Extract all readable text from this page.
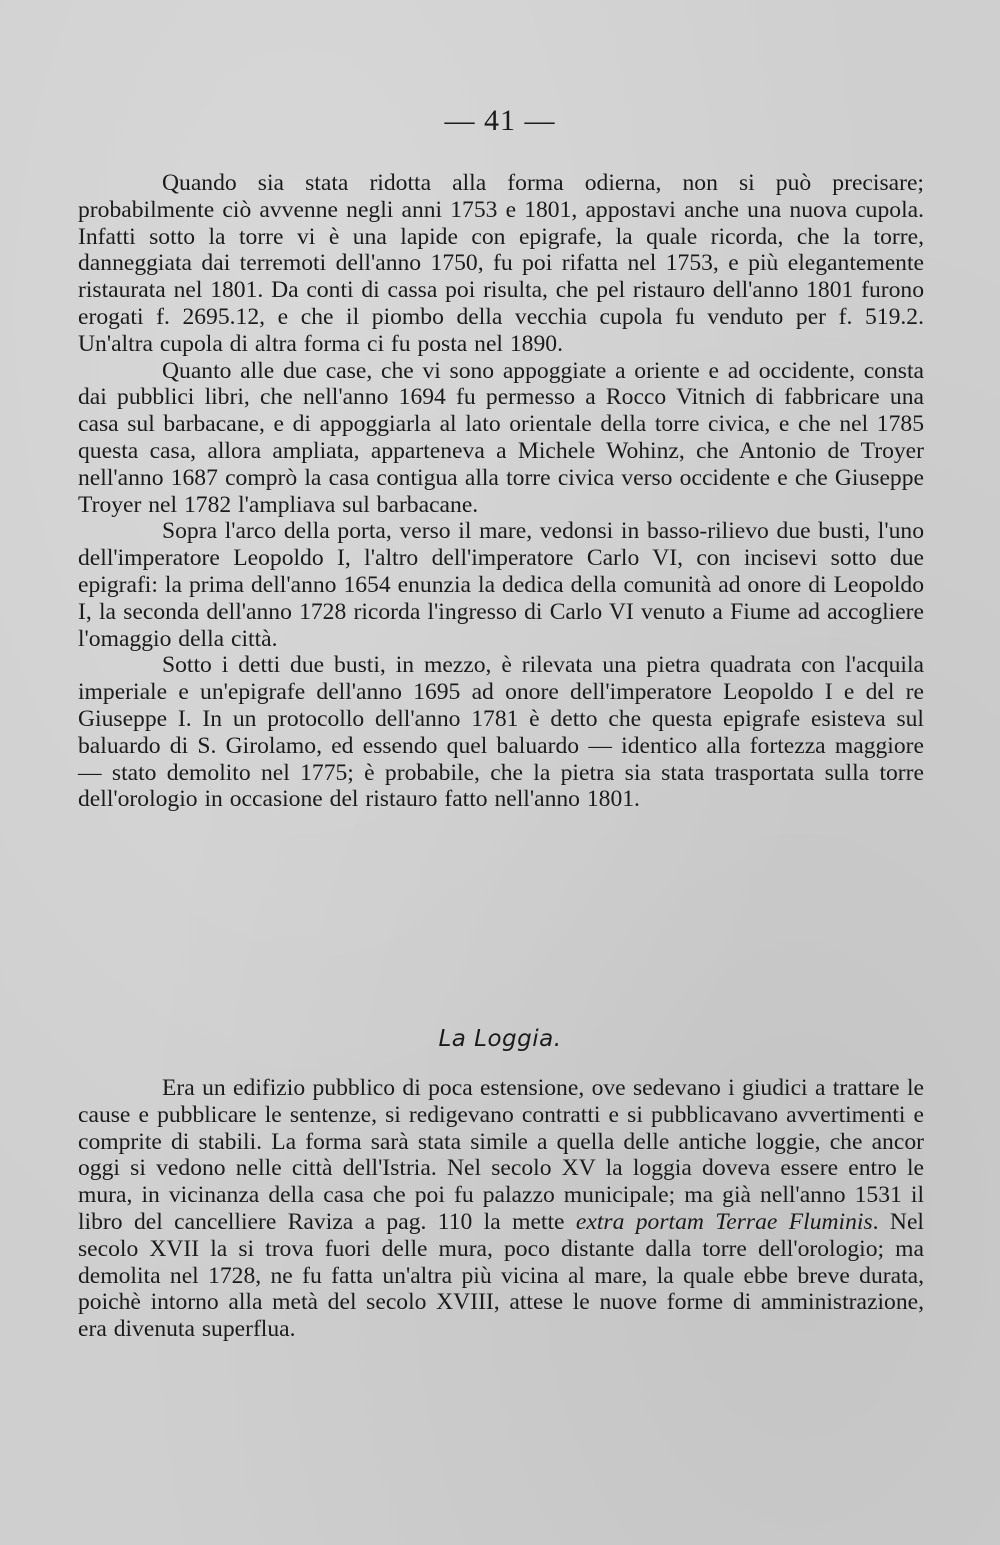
— 41 —

Quando sia stata ridotta alla forma odierna, non si può precisare; probabilmente ciò avvenne negli anni 1753 e 1801, appostavi anche una nuova cupola. Infatti sotto la torre vi è una lapide con epigrafe, la quale ricorda, che la torre, danneggiata dai terremoti dell'anno 1750, fu poi rifatta nel 1753, e più elegantemente ristaurata nel 1801. Da conti di cassa poi risulta, che pel ristauro dell'anno 1801 furono erogati f. 2695.12, e che il piombo della vecchia cupola fu venduto per f. 519.2. Un'altra cupola di altra forma ci fu posta nel 1890.

Quanto alle due case, che vi sono appoggiate a oriente e ad occidente, consta dai pubblici libri, che nell'anno 1694 fu permesso a Rocco Vitnich di fabbricare una casa sul barbacane, e di appoggiarla al lato orientale della torre civica, e che nel 1785 questa casa, allora ampliata, apparteneva a Michele Wohinz, che Antonio de Troyer nell'anno 1687 comprò la casa contigua alla torre civica verso occidente e che Giuseppe Troyer nel 1782 l'ampliava sul barbacane.

Sopra l'arco della porta, verso il mare, vedonsi in basso-rilievo due busti, l'uno dell'imperatore Leopoldo I, l'altro dell'imperatore Carlo VI, con incisevi sotto due epigrafi: la prima dell'anno 1654 enunzia la dedica della comunità ad onore di Leopoldo I, la seconda dell'anno 1728 ricorda l'ingresso di Carlo VI venuto a Fiume ad accogliere l'omaggio della città.

Sotto i detti due busti, in mezzo, è rilevata una pietra quadrata con l'acquila imperiale e un'epigrafe dell'anno 1695 ad onore dell'imperatore Leopoldo I e del re Giuseppe I. In un protocollo dell'anno 1781 è detto che questa epigrafe esisteva sul baluardo di S. Girolamo, ed essendo quel baluardo — identico alla fortezza maggiore — stato demolito nel 1775; è probabile, che la pietra sia stata trasportata sulla torre dell'orologio in occasione del ristauro fatto nell'anno 1801.

La Loggia.

Era un edifizio pubblico di poca estensione, ove sedevano i giudici a trattare le cause e pubblicare le sentenze, si redigevano contratti e si pubblicavano avvertimenti e comprite di stabili. La forma sarà stata simile a quella delle antiche loggie, che ancor oggi si vedono nelle città dell'Istria. Nel secolo XV la loggia doveva essere entro le mura, in vicinanza della casa che poi fu palazzo municipale; ma già nell'anno 1531 il libro del cancelliere Raviza a pag. 110 la mette extra portam Terrae Fluminis. Nel secolo XVII la si trova fuori delle mura, poco distante dalla torre dell'orologio; ma demolita nel 1728, ne fu fatta un'altra più vicina al mare, la quale ebbe breve durata, poichè intorno alla metà del secolo XVIII, attese le nuove forme di amministrazione, era divenuta superflua.
